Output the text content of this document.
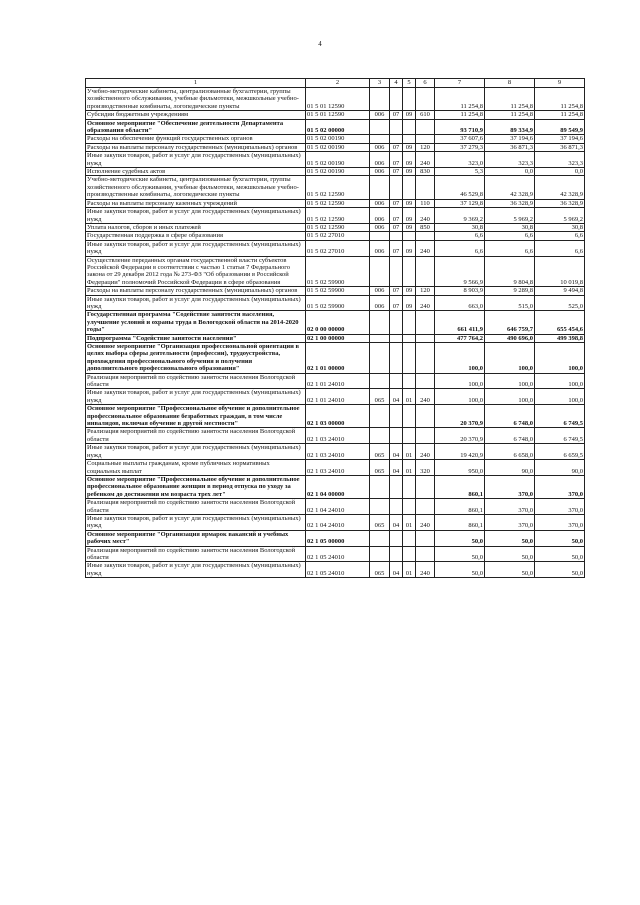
4
1	2	3	4	5	6	7	8	9
Учебно-методические кабинеты, централизованные бухгалтерии, группы хозяйственного обслуживания, учебные фильмотеки, межшкольные учебно-производственные комбинаты, логопедические пункты	01 5 01 12590					11 254,8	11 254,8	11 254,8
Субсидии бюджетным учреждениям	01 5 01 12590	006	07	09	610	11 254,8	11 254,8	11 254,8
Основное мероприятие "Обеспечение деятельности Департамента образования области"	01 5 02 00000					93 710,9	89 334,9	89 549,9
Расходы на обеспечение функций государственных органов	01 5 02 00190					37 607,6	37 194,6	37 194,6
Расходы на выплаты персоналу государственных (муниципальных) органов	01 5 02 00190	006	07	09	120	37 279,3	36 871,3	36 871,3
Иные закупки товаров, работ и услуг для государственных (муниципальных) нужд	01 5 02 00190	006	07	09	240	323,0	323,3	323,3
Исполнение судебных актов	01 5 02 00190	006	07	09	830	5,3	0,0	0,0
Учебно-методические кабинеты, централизованные бухгалтерии, группы хозяйственного обслуживания, учебные фильмотеки, межшкольные учебно-производственные комбинаты, логопедические пункты	01 5 02 12590					46 529,8	42 328,9	42 328,9
Расходы на выплаты персоналу казенных учреждений	01 5 02 12590	006	07	09	110	37 129,8	36 328,9	36 328,9
Иные закупки товаров, работ и услуг для государственных (муниципальных) нужд	01 5 02 12590	006	07	09	240	9 369,2	5 969,2	5 969,2
Уплата налогов, сборов и иных платежей	01 5 02 12590	006	07	09	850	30,8	30,8	30,8
Государственная поддержка в сфере образования	01 5 02 27010					6,6	6,6	6,6
Иные закупки товаров, работ и услуг для государственных (муниципальных) нужд	01 5 02 27010	006	07	09	240	6,6	6,6	6,6
Осуществление переданных органам государственной власти субъектов Российской Федерации в соответствии с частью 1 статьи 7 Федерального закона от 29 декабря 2012 года № 273-ФЗ "Об образовании в Российской Федерации" полномочий Российской Федерации в сфере образования	01 5 02 59900					9 566,9	9 804,8	10 019,8
Расходы на выплаты персоналу государственных (муниципальных) органов	01 5 02 59900	006	07	09	120	8 903,9	9 289,8	9 494,8
Иные закупки товаров, работ и услуг для государственных (муниципальных) нужд	01 5 02 59900	006	07	09	240	663,0	515,0	525,0
Государственная программа "Содействие занятости населения, улучшение условий и охраны труда в Вологодской области на 2014-2020 годы"	02 0 00 00000					661 411,9	646 759,7	655 454,6
Подпрограмма "Содействие занятости населения"	02 1 00 00000					477 764,2	490 696,0	499 398,8
Основное мероприятие "Организация профессиональной ориентации в целях выбора сферы деятельности (профессии), трудоустройства, прохождения профессионального обучения и получения дополнительного профессионального образования"	02 1 01 00000					100,0	100,0	100,0
Реализация мероприятий по содействию занятости населения Вологодской области	02 1 01 24010					100,0	100,0	100,0
Иные закупки товаров, работ и услуг для государственных (муниципальных) нужд	02 1 01 24010	065	04	01	240	100,0	100,0	100,0
Основное мероприятие "Профессиональное обучение и дополнительное профессиональное образование безработных граждан, в том числе инвалидов, включая обучение в другой местности"	02 1 03 00000					20 370,9	6 748,0	6 749,5
Реализация мероприятий по содействию занятости населения Вологодской области	02 1 03 24010					20 370,9	6 748,0	6 749,5
Иные закупки товаров, работ и услуг для государственных (муниципальных) нужд	02 1 03 24010	065	04	01	240	19 420,9	6 658,0	6 659,5
Социальные выплаты гражданам, кроме публичных нормативных социальных выплат	02 1 03 24010	065	04	01	320	950,0	90,0	90,0
Основное мероприятие "Профессиональное обучение и дополнительное профессиональное образование женщин в период отпуска по уходу за ребенком до достижения им возраста трех лет"	02 1 04 00000					860,1	370,0	370,0
Реализация мероприятий по содействию занятости населения Вологодской области	02 1 04 24010					860,1	370,0	370,0
Иные закупки товаров, работ и услуг для государственных (муниципальных) нужд	02 1 04 24010	065	04	01	240	860,1	370,0	370,0
Основное мероприятие "Организация ярмарок вакансий и учебных рабочих мест"	02 1 05 00000					50,0	50,0	50,0
Реализация мероприятий по содействию занятости населения Вологодской области	02 1 05 24010					50,0	50,0	50,0
Иные закупки товаров, работ и услуг для государственных (муниципальных) нужд	02 1 05 24010	065	04	01	240	50,0	50,0	50,0
